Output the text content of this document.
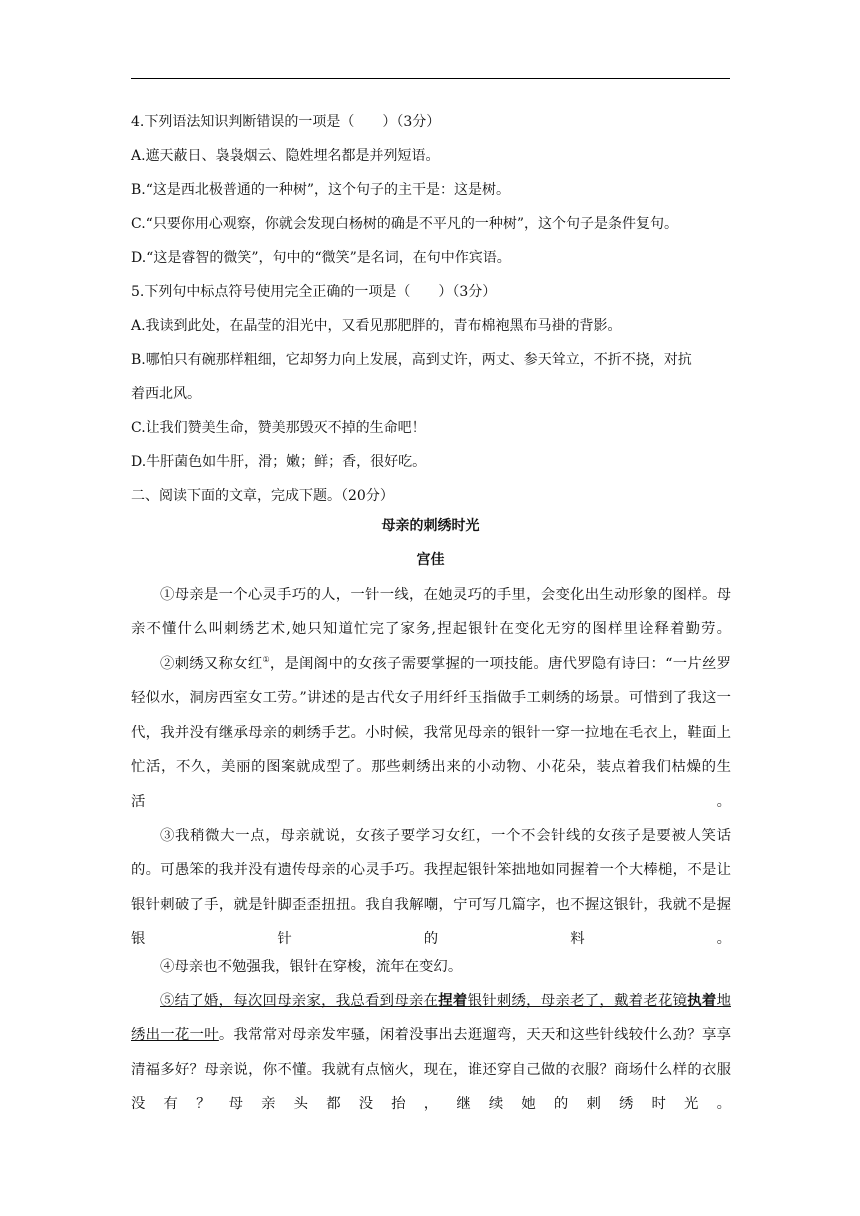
4.下列语法知识判断错误的一项是（　　）（3分）
A.遮天蔽日、袅袅烟云、隐姓埋名都是并列短语。
B.“这是西北极普通的一种树”，这个句子的主干是：这是树。
C.“只要你用心观察，你就会发现白杨树的确是不平凡的一种树”，这个句子是条件复句。
D.“这是睿智的微笑”，句中的“微笑”是名词，在句中作宾语。
5.下列句中标点符号使用完全正确的一项是（　　）（3分）
A.我读到此处，在晶莹的泪光中，又看见那肥胖的，青布棉袍黑布马褂的背影。
B.哪怕只有碗那样粗细，它却努力向上发展，高到丈许，两丈、参天耸立，不折不挠，对抗
着西北风。
C.让我们赞美生命，赞美那毁灭不掉的生命吧！
D.牛肝菌色如牛肝，滑；嫩；鲜；香，很好吃。
二、阅读下面的文章，完成下题。（20分）
母亲的刺绣时光
宫佳
①母亲是一个心灵手巧的人，一针一线，在她灵巧的手里，会变化出生动形象的图样。母亲不懂什么叫刺绣艺术,她只知道忙完了家务,捏起银针在变化无穷的图样里诠释着勤劳。
②刺绣又称女红①，是闺阁中的女孩子需要掌握的一项技能。唐代罗隐有诗曰：“一片丝罗轻似水，洞房西室女工劳。”讲述的是古代女子用纤纤玉指做手工刺绣的场景。可惜到了我这一代，我并没有继承母亲的刺绣手艺。小时候，我常见母亲的银针一穿一拉地在毛衣上，鞋面上忙活，不久，美丽的图案就成型了。那些刺绣出来的小动物、小花朵，装点着我们枯燥的生活。
③我稍微大一点，母亲就说，女孩子要学习女红，一个不会针线的女孩子是要被人笑话的。可愚笨的我并没有遗传母亲的心灵手巧。我捏起银针笨拙地如同握着一个大棒槌，不是让银针刺破了手，就是针脚歪歪扭扭。我自我解嘲，宁可写几篇字，也不握这银针，我就不是握银针的料。
④母亲也不勉强我，银针在穿梭，流年在变幻。
⑤结了婚，每次回母亲家，我总看到母亲在捏着银针刺绣，母亲老了，戴着老花镜执着地绣出一花一叶。我常常对母亲发牢骚，闲着没事出去逛遛弯，天天和这些针线较什么劲？享享清福多好？母亲说，你不懂。我就有点恼火，现在，谁还穿自己做的衣服？商场什么样的衣服没有？母亲头都没抬，继续她的刺绣时光。
